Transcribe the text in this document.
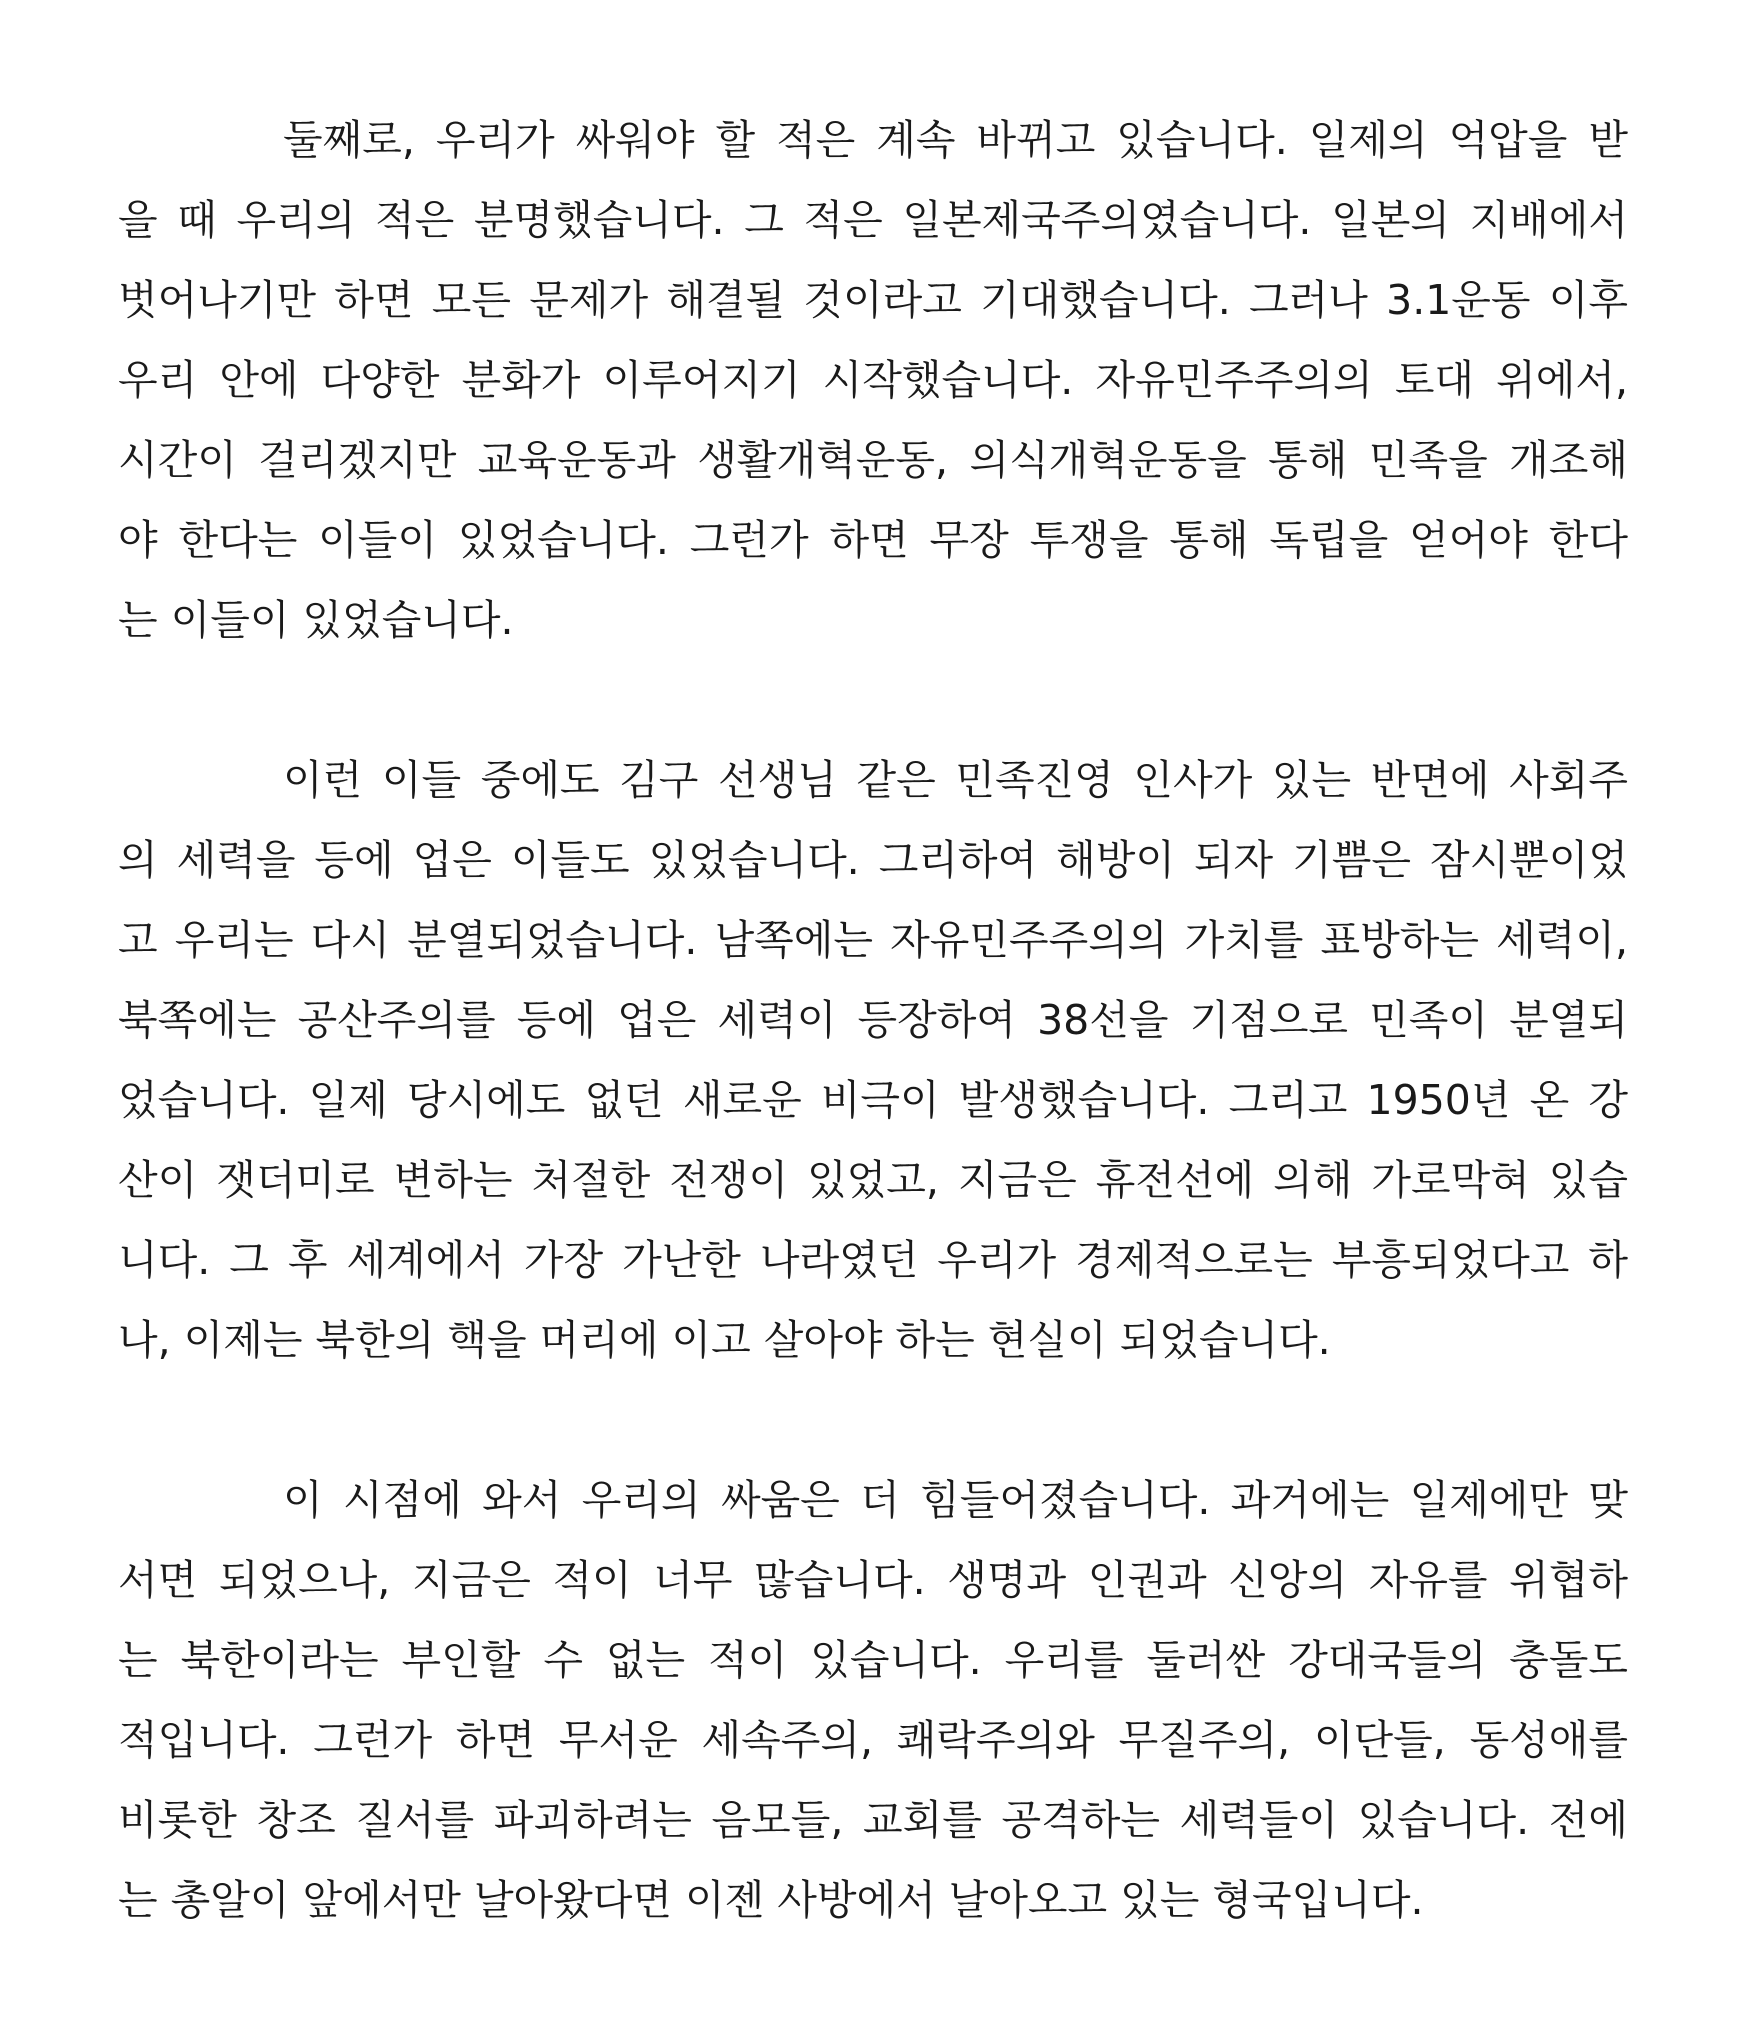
둘째로, 우리가 싸워야 할 적은 계속 바뀌고 있습니다. 일제의 억압을 받
을 때 우리의 적은 분명했습니다. 그 적은 일본제국주의였습니다. 일본의 지배에서
벗어나기만 하면 모든 문제가 해결될 것이라고 기대했습니다. 그러나 3.1운동 이후
우리 안에 다양한 분화가 이루어지기 시작했습니다. 자유민주주의의 토대 위에서,
시간이 걸리겠지만 교육운동과 생활개혁운동, 의식개혁운동을 통해 민족을 개조해
야 한다는 이들이 있었습니다. 그런가 하면 무장 투쟁을 통해 독립을 얻어야 한다
는 이들이 있었습니다.
이런 이들 중에도 김구 선생님 같은 민족진영 인사가 있는 반면에 사회주
의 세력을 등에 업은 이들도 있었습니다. 그리하여 해방이 되자 기쁨은 잠시뿐이었
고 우리는 다시 분열되었습니다. 남쪽에는 자유민주주의의 가치를 표방하는 세력이,
북쪽에는 공산주의를 등에 업은 세력이 등장하여 38선을 기점으로 민족이 분열되
었습니다. 일제 당시에도 없던 새로운 비극이 발생했습니다. 그리고 1950년 온 강
산이 잿더미로 변하는 처절한 전쟁이 있었고, 지금은 휴전선에 의해 가로막혀 있습
니다. 그 후 세계에서 가장 가난한 나라였던 우리가 경제적으로는 부흥되었다고 하
나, 이제는 북한의 핵을 머리에 이고 살아야 하는 현실이 되었습니다.
이 시점에 와서 우리의 싸움은 더 힘들어졌습니다. 과거에는 일제에만 맞
서면 되었으나, 지금은 적이 너무 많습니다. 생명과 인권과 신앙의 자유를 위협하
는 북한이라는 부인할 수 없는 적이 있습니다. 우리를 둘러싼 강대국들의 충돌도
적입니다. 그런가 하면 무서운 세속주의, 쾌락주의와 무질주의, 이단들, 동성애를
비롯한 창조 질서를 파괴하려는 음모들, 교회를 공격하는 세력들이 있습니다. 전에
는 총알이 앞에서만 날아왔다면 이젠 사방에서 날아오고 있는 형국입니다.
